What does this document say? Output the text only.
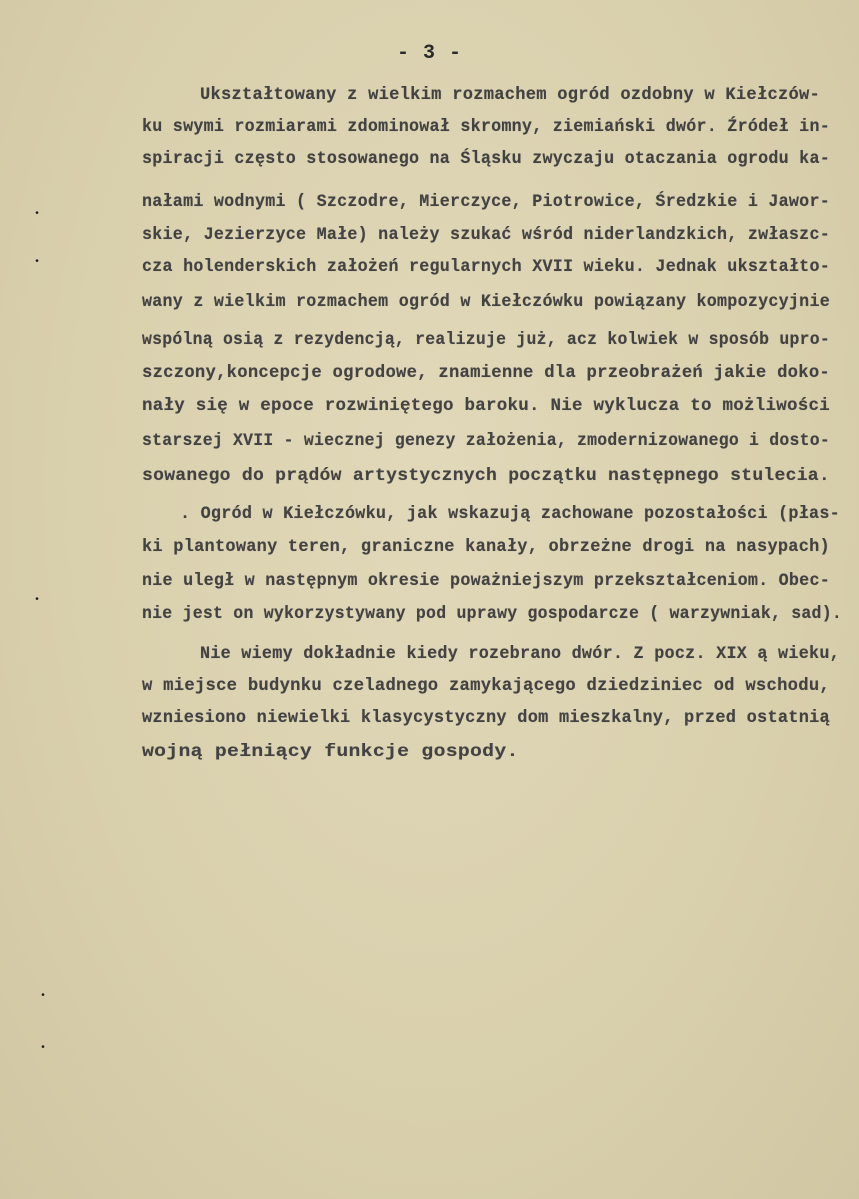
- 3 -
Ukształtowany z wielkim rozmachem ogród ozdobny w Kiełczów-
ku swymi rozmiarami zdominował skromny, ziemiański dwór. Źródeł in-
spiracji często stosowanego na Śląsku zwyczaju otaczania ogrodu ka-
nałami wodnymi ( Szczodre, Mierczyce, Piotrowice, Średzkie i Jawor-
skie, Jezierzyce Małe) należy szukać wśród niderlandzkich, zwłaszc-
cza holenderskich założeń regularnych XVII wieku. Jednak ukształto-
wany z wielkim rozmachem ogród w Kiełczówku powiązany kompozycyjnie
wspólną osią z rezydencją, realizuje już, acz kolwiek w sposób upro-
szczony,koncepcje ogrodowe, znamienne dla przeobrażeń jakie doko-
nały się w epoce rozwiniętego baroku. Nie wyklucza to możliwości
starszej XVII - wiecznej genezy założenia, zmodernizowanego i dosto-
sowanego do prądów artystycznych początku następnego stulecia.
. Ogród w Kiełczówku, jak wskazują zachowane pozostałości (płas-
ki plantowany teren, graniczne kanały, obrzeżne drogi na nasypach)
nie uległ w następnym okresie poważniejszym przekształceniom. Obec-
nie jest on wykorzystywany pod uprawy gospodarcze ( warzywniak, sad).
Nie wiemy dokładnie kiedy rozebrano dwór. Z pocz. XIX ą wieku,
w miejsce budynku czeladnego zamykającego dziedziniec od wschodu,
wzniesiono niewielki klasycystyczny dom mieszkalny, przed ostatnią
wojną pełniący funkcje gospody.
•
•
•
•
•
